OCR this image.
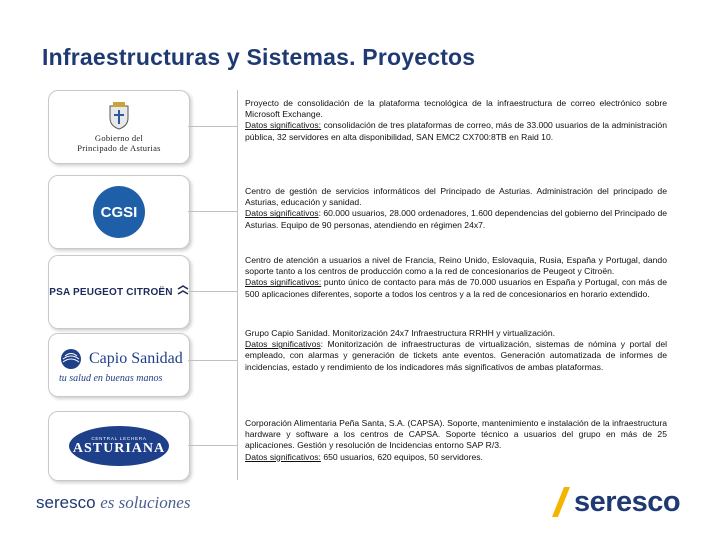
Infraestructuras y Sistemas. Proyectos
Gobierno del
Principado de Asturias
CGSI
PSA PEUGEOT CITROËN
Capio Sanidad
tu salud en buenas manos
CENTRAL LECHERA
ASTURIANA

Proyecto de consolidación de la plataforma tecnológica de la infraestructura de correo electrónico sobre Microsoft Exchange.

Datos significativos: consolidación de tres plataformas de correo, más de 33.000 usuarios de la administración pública, 32 servidores en alta disponibilidad, SAN EMC2 CX700:8TB en Raid 10.

Centro de gestión de servicios informáticos del Principado de Asturias. Administración del principado de Asturias, educación y sanidad.

Datos significativos: 60.000 usuarios, 28.000 ordenadores, 1.600 dependencias del gobierno del Principado de Asturias. Equipo de 90 personas, atendiendo en régimen 24x7.

Centro de atención a usuarios a nivel de Francia, Reino Unido, Eslovaquia, Rusia, España y Portugal, dando soporte tanto a los centros de producción como a la red de concesionarios de Peugeot y Citroën.

Datos significativos: punto único de contacto para más de 70.000 usuarios en España y Portugal, con más de 500 aplicaciones diferentes, soporte a todos los centros y a la red de concesionarios en horario extendido.

Grupo Capio Sanidad. Monitorización 24x7 Infraestructura RRHH y virtualización.

Datos significativos: Monitorización de infraestructuras de virtualización, sistemas de nómina y portal del empleado, con alarmas y generación de tickets ante eventos. Generación automatizada de informes de incidencias, estado y rendimiento de los indicadores más significativos de ambas plataformas.

Corporación Alimentaria Peña Santa, S.A. (CAPSA). Soporte, mantenimiento e instalación de la infraestructura hardware y software a los centros de CAPSA. Soporte técnico a usuarios del grupo en más de 25 aplicaciones. Gestión y resolución de Incidencias entorno SAP R/3.

Datos significativos: 650 usuarios, 620 equipos, 50 servidores.

seresco es soluciones	seresco
